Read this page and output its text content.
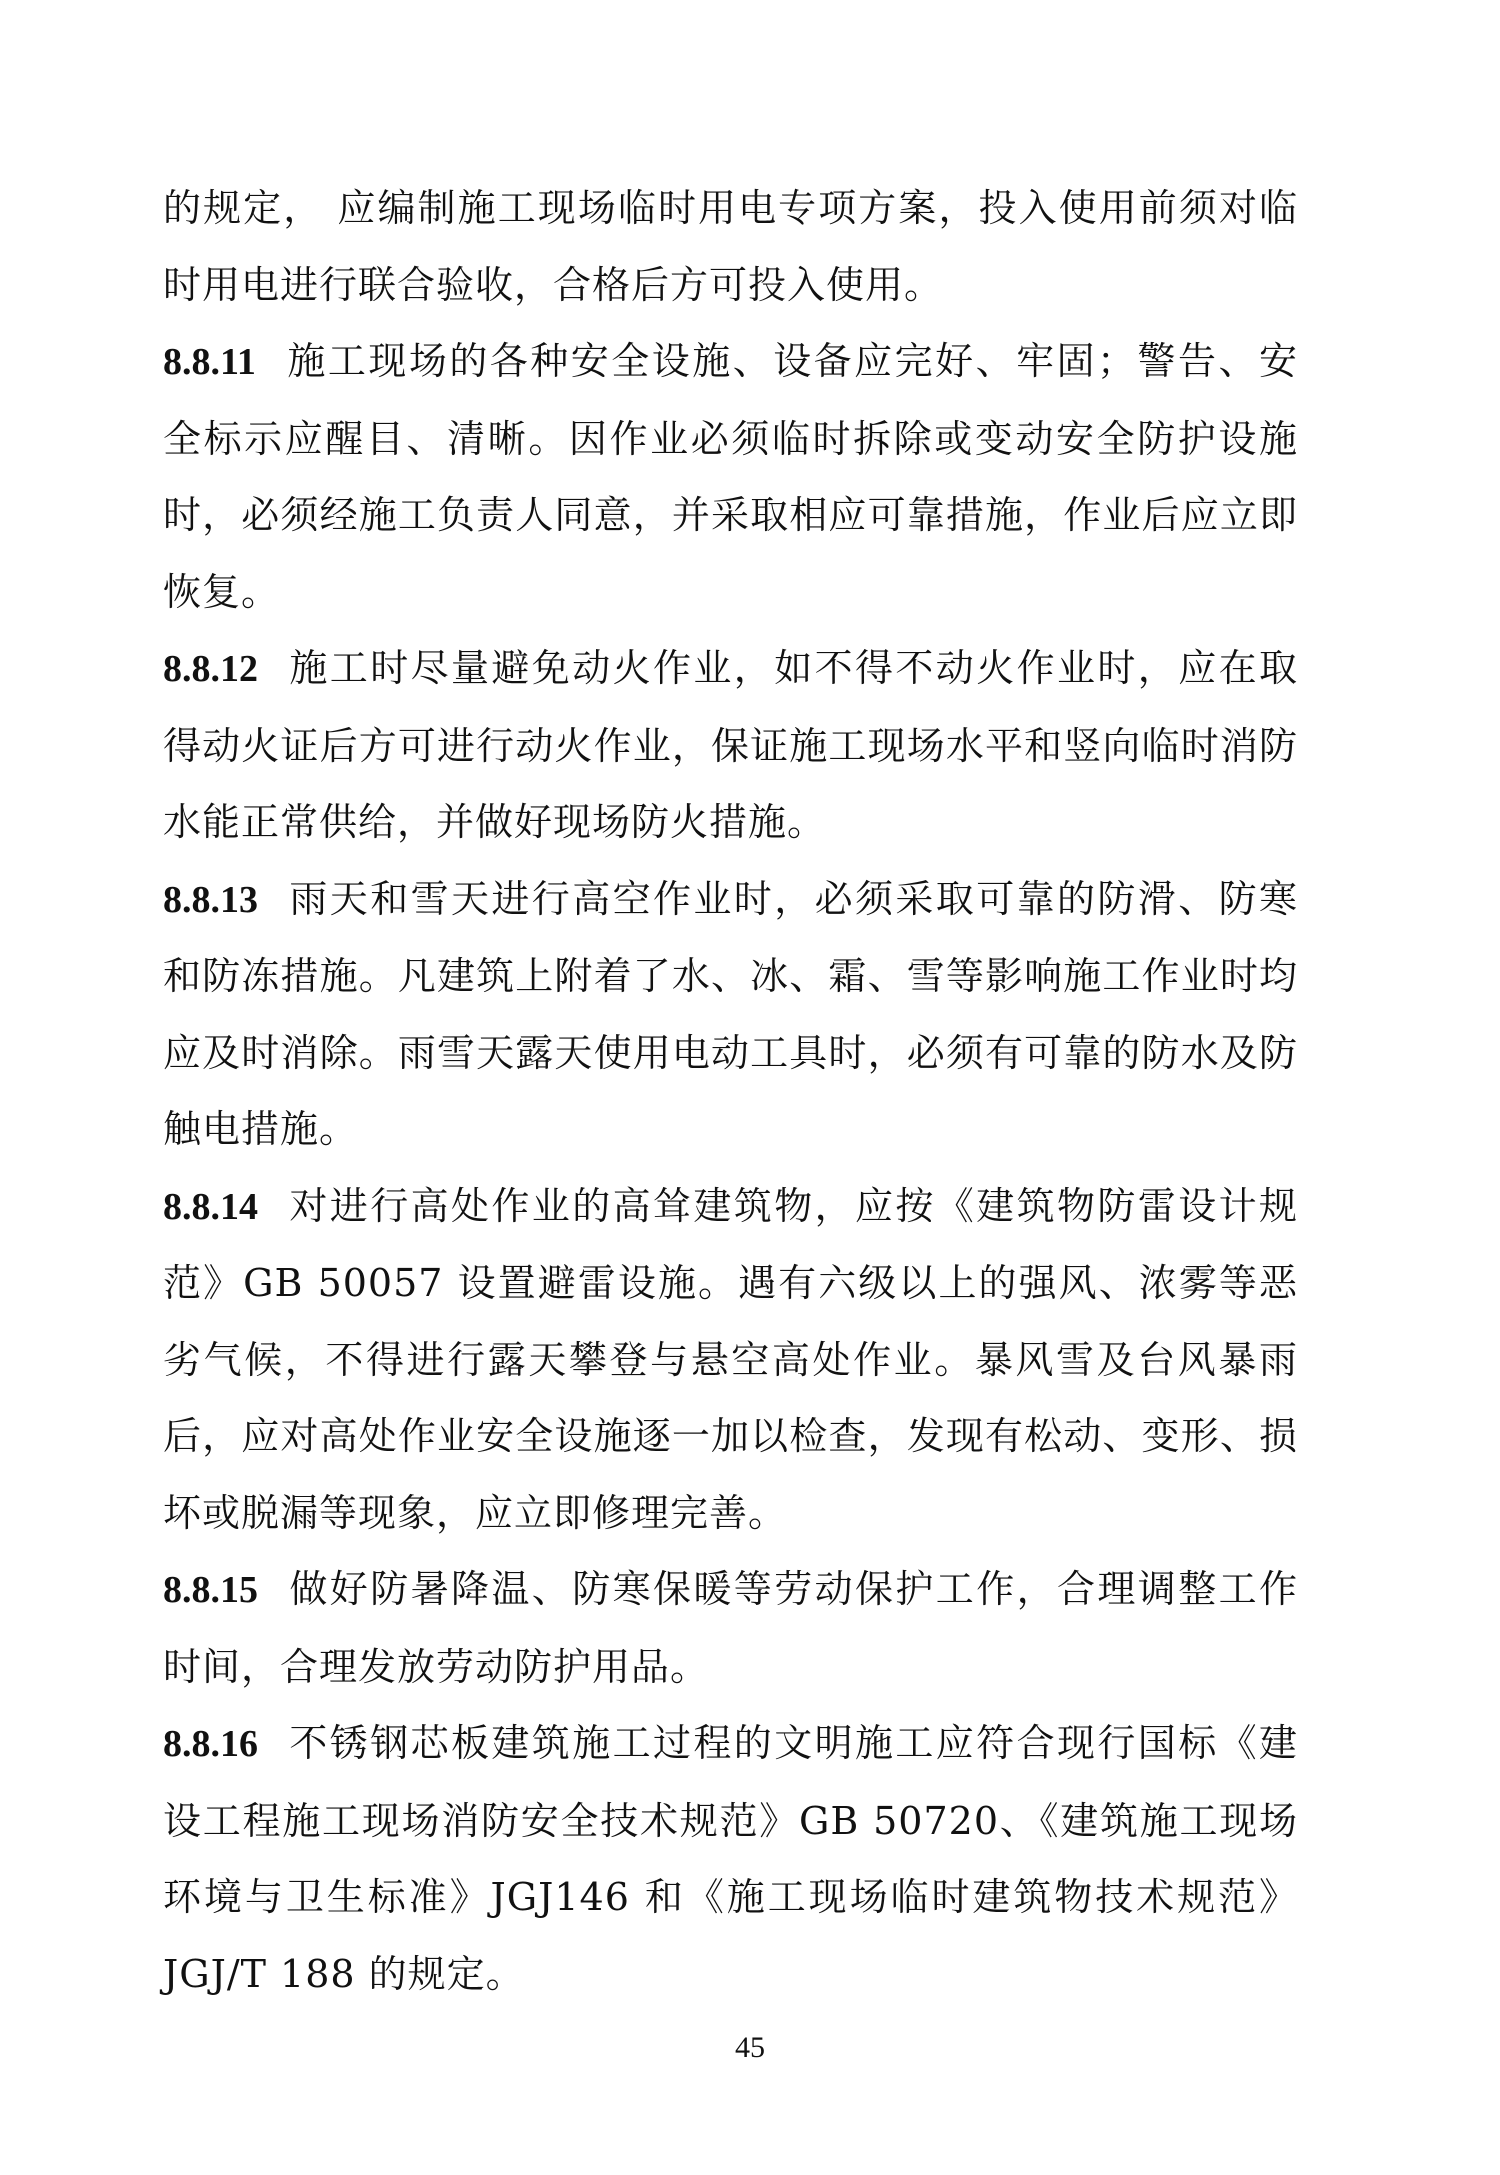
的规定， 应编制施工现场临时用电专项方案，投入使用前须对临时用电进行联合验收，合格后方可投入使用。

8.8.11 施工现场的各种安全设施、设备应完好、牢固；警告、安全标示应醒目、清晰。因作业必须临时拆除或变动安全防护设施时，必须经施工负责人同意，并采取相应可靠措施，作业后应立即恢复。

8.8.12 施工时尽量避免动火作业，如不得不动火作业时，应在取得动火证后方可进行动火作业，保证施工现场水平和竖向临时消防水能正常供给，并做好现场防火措施。

8.8.13 雨天和雪天进行高空作业时，必须采取可靠的防滑、防寒和防冻措施。凡建筑上附着了水、冰、霜、雪等影响施工作业时均应及时消除。雨雪天露天使用电动工具时，必须有可靠的防水及防触电措施。

8.8.14 对进行高处作业的高耸建筑物，应按《建筑物防雷设计规范》GB 50057 设置避雷设施。遇有六级以上的强风、浓雾等恶劣气候，不得进行露天攀登与悬空高处作业。暴风雪及台风暴雨后，应对高处作业安全设施逐一加以检查，发现有松动、变形、损坏或脱漏等现象，应立即修理完善。

8.8.15 做好防暑降温、防寒保暖等劳动保护工作，合理调整工作时间，合理发放劳动防护用品。

8.8.16 不锈钢芯板建筑施工过程的文明施工应符合现行国标《建设工程施工现场消防安全技术规范》GB 50720、《建筑施工现场环境与卫生标准》JGJ146 和《施工现场临时建筑物技术规范》JGJ/T 188 的规定。

45
